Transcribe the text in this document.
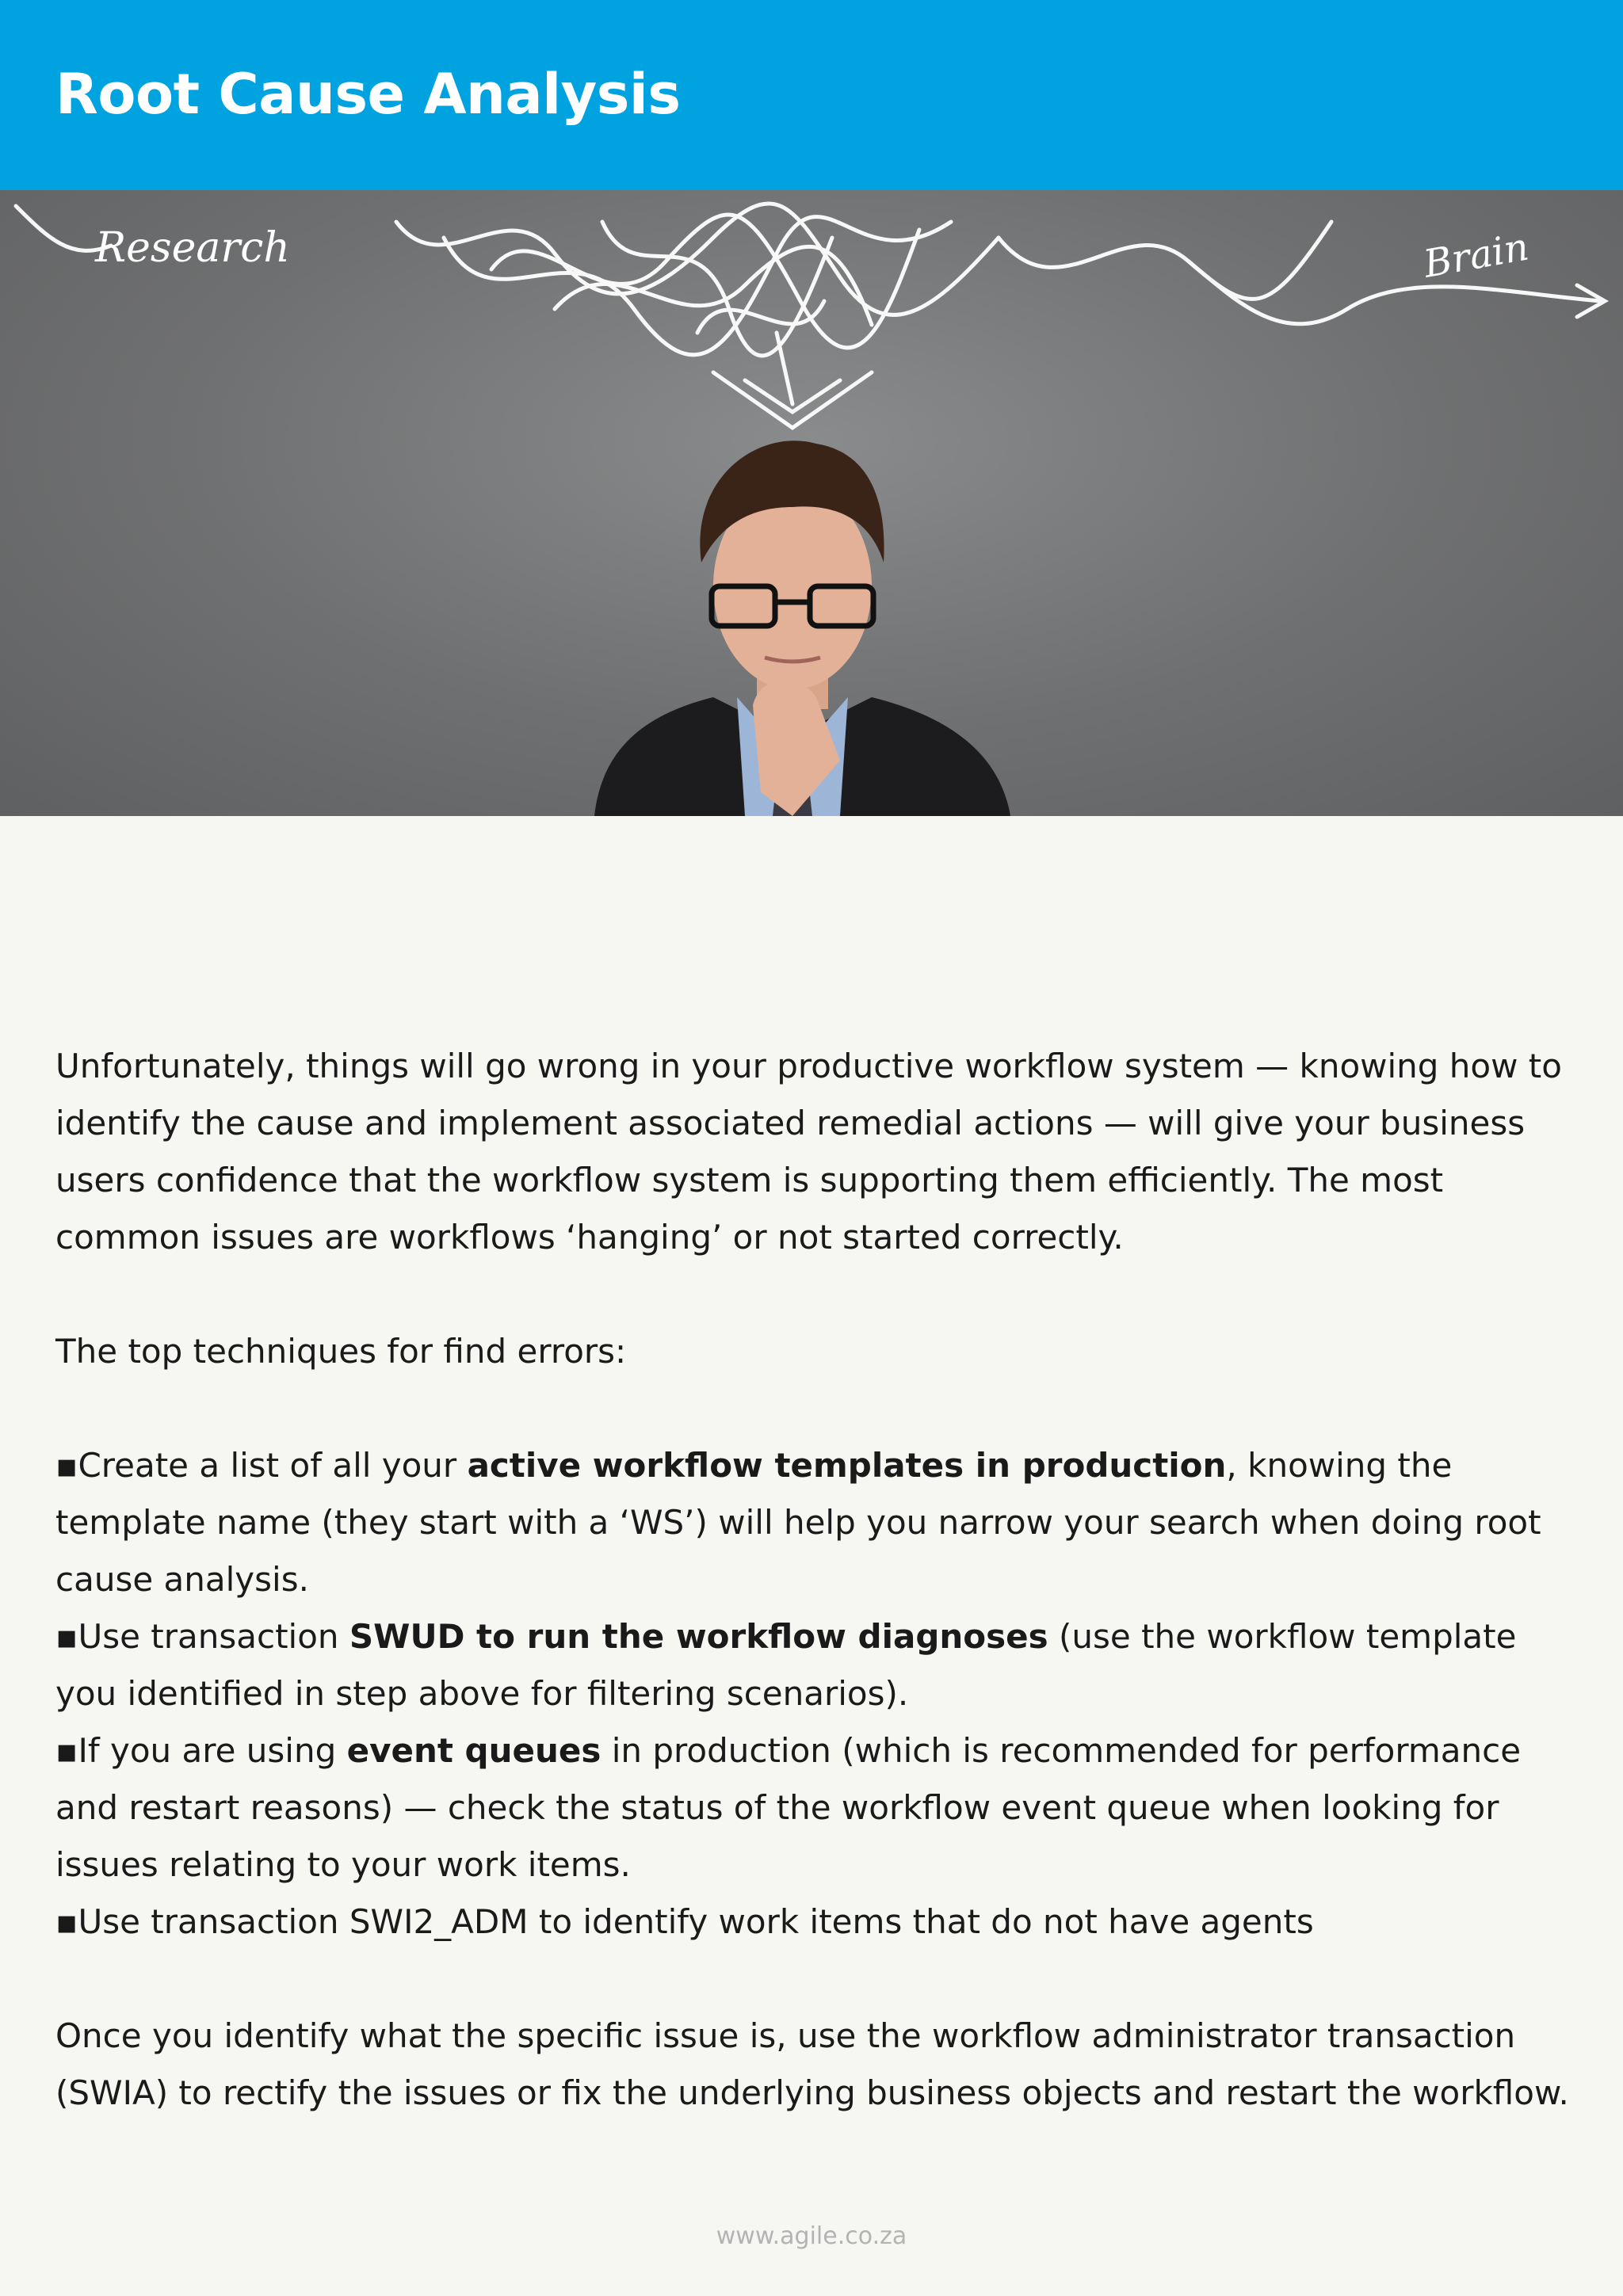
Root Cause Analysis
Research	Brain

Unfortunately, things will go wrong in your productive workflow system — knowing how to identify the cause and implement associated remedial actions — will give your business users confidence that the workflow system is supporting them efficiently. The most common issues are workflows ‘hanging’ or not started correctly.

The top techniques for find errors:

▪ Create a list of all your active workflow templates in production, knowing the template name (they start with a ‘WS’) will help you narrow your search when doing root cause analysis.

▪ Use transaction SWUD to run the workflow diagnoses (use the workflow template you identified in step above for filtering scenarios).

▪ If you are using event queues in production (which is recommended for performance and restart reasons) — check the status of the workflow event queue when looking for issues relating to your work items.

▪ Use transaction SWI2_ADM to identify work items that do not have agents

Once you identify what the specific issue is, use the workflow administrator transaction (SWIA) to rectify the issues or fix the underlying business objects and restart the workflow.

www.agile.co.za
